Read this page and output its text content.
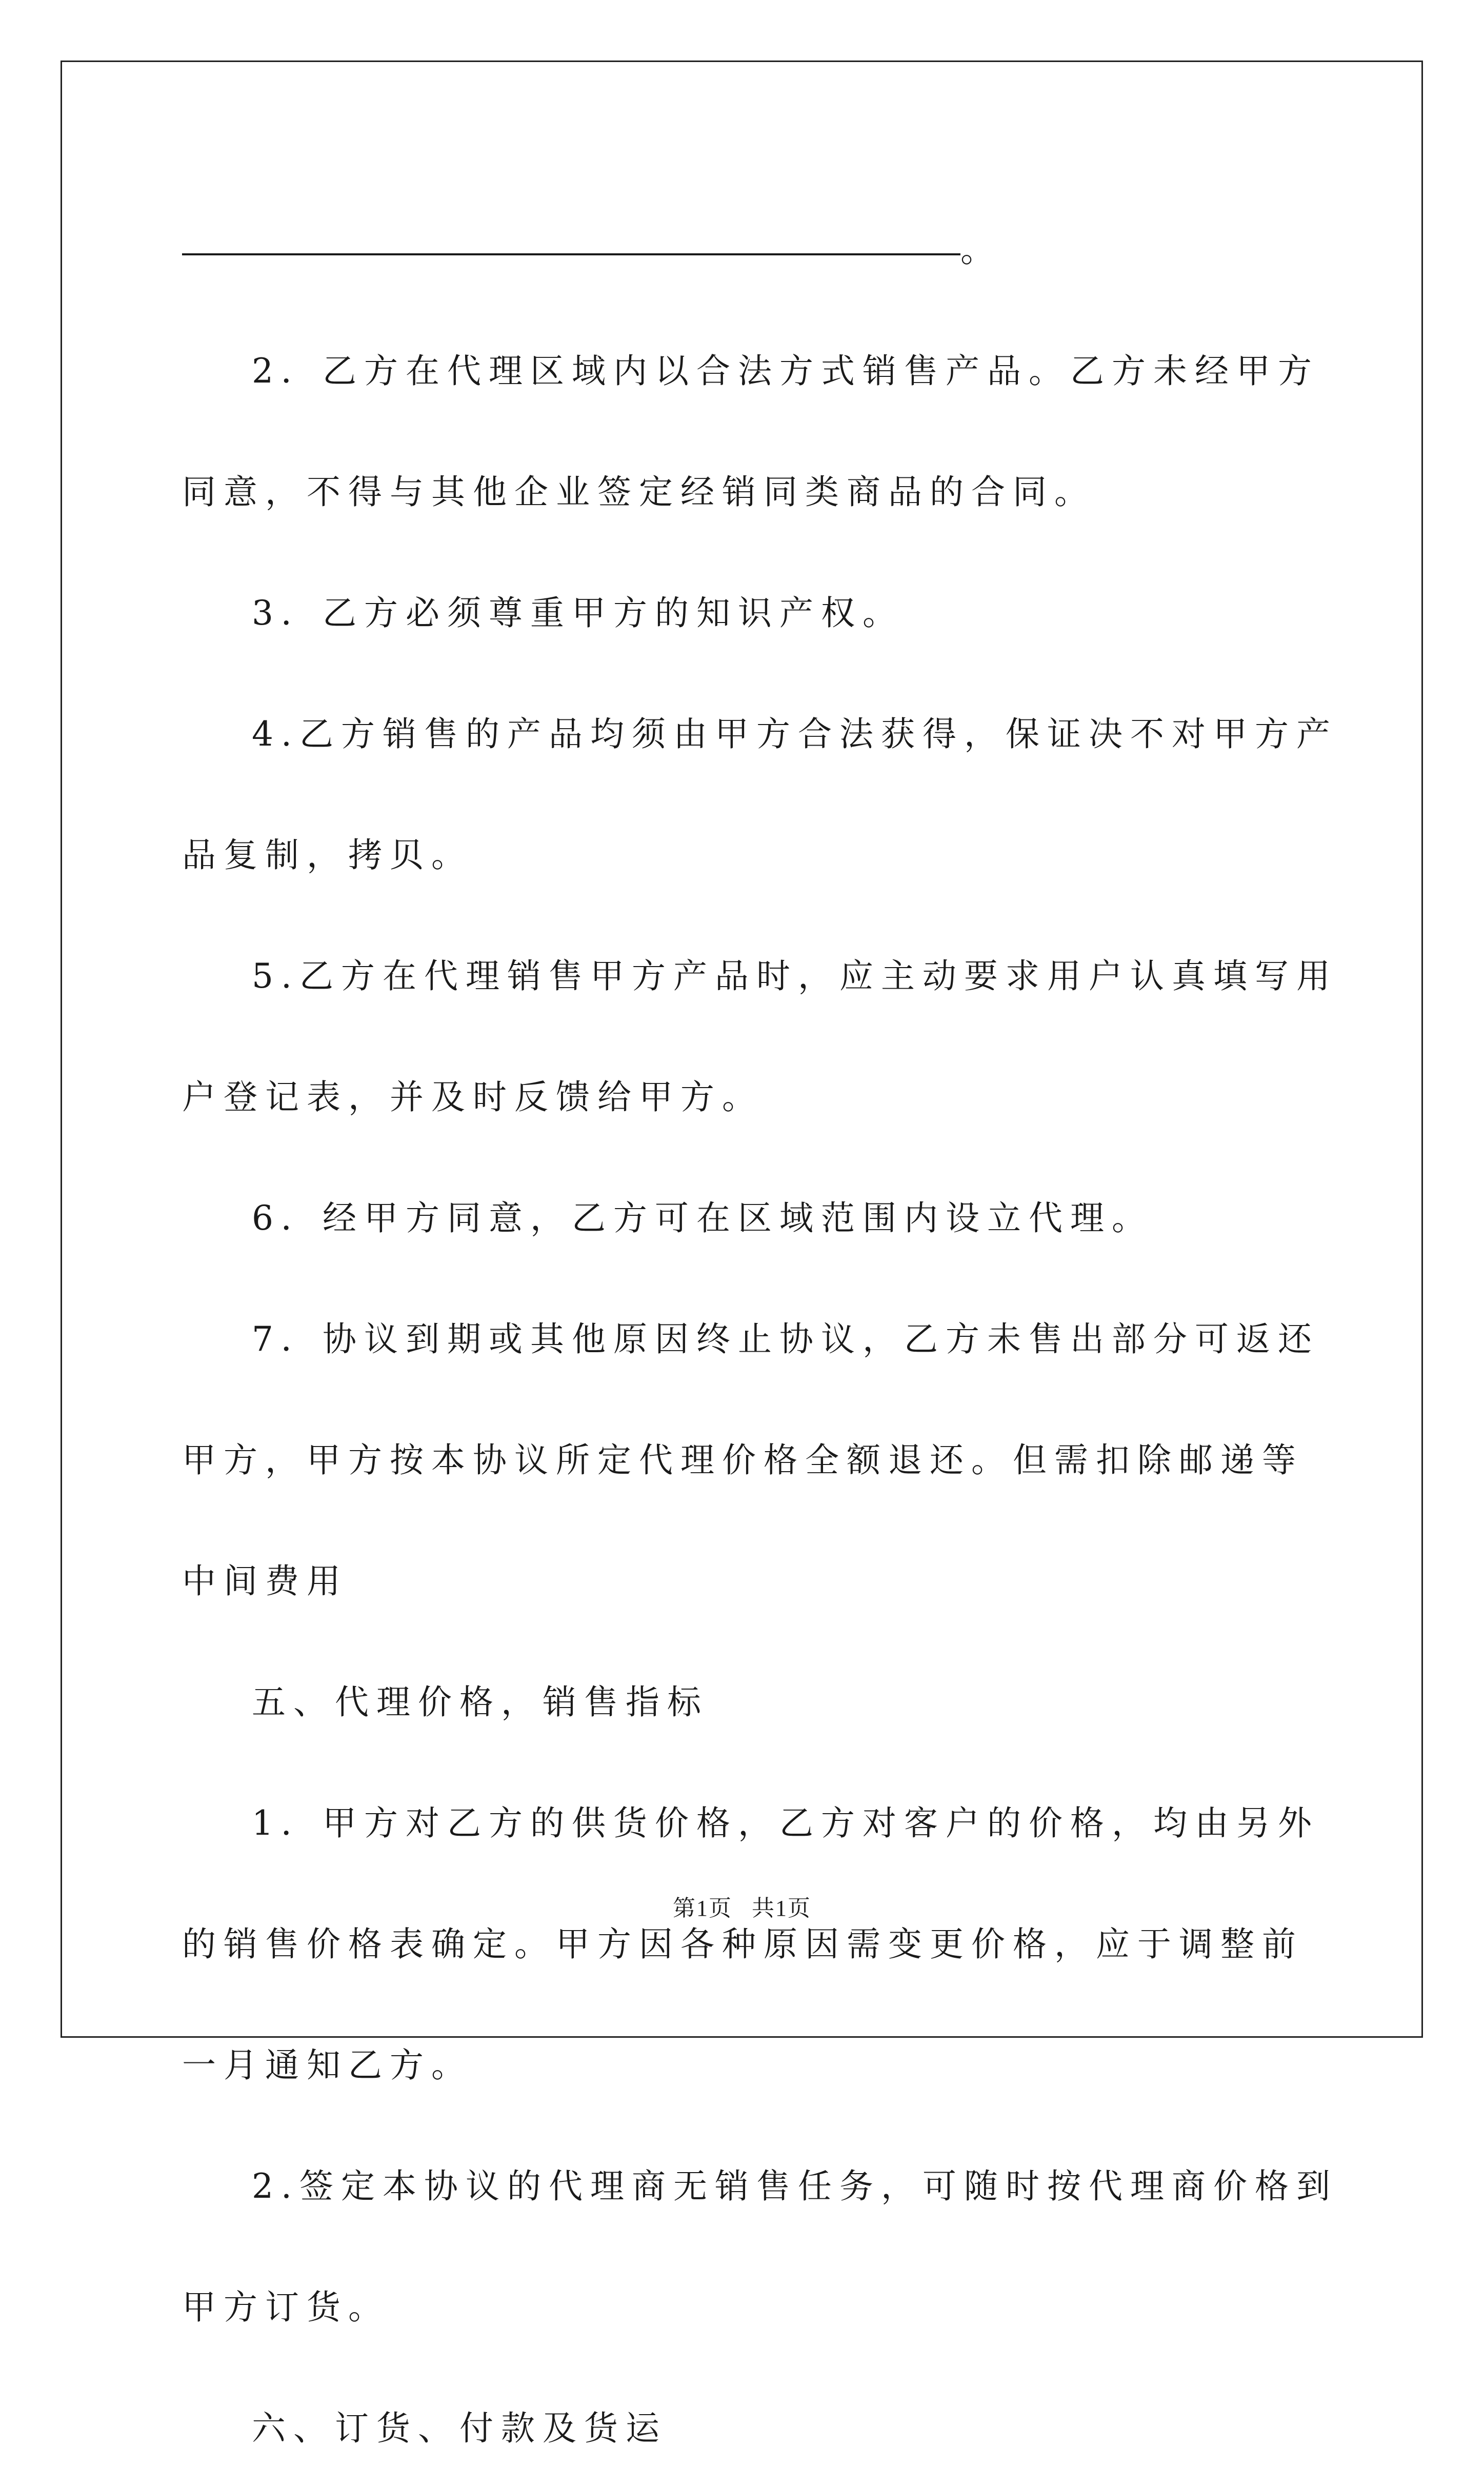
。

2．乙方在代理区域内以合法方式销售产品。乙方未经甲方同意，不得与其他企业签定经销同类商品的合同。

3．乙方必须尊重甲方的知识产权。

4.乙方销售的产品均须由甲方合法获得，保证决不对甲方产品复制，拷贝。

5.乙方在代理销售甲方产品时，应主动要求用户认真填写用户登记表，并及时反馈给甲方。

6．经甲方同意，乙方可在区域范围内设立代理。

7．协议到期或其他原因终止协议，乙方未售出部分可返还甲方，甲方按本协议所定代理价格全额退还。但需扣除邮递等中间费用

五、代理价格，销售指标

1．甲方对乙方的供货价格，乙方对客户的价格，均由另外的销售价格表确定。甲方因各种原因需变更价格，应于调整前一月通知乙方。

2.签定本协议的代理商无销售任务，可随时按代理商价格到甲方订货。

六、订货、付款及货运

第1页 共1页
